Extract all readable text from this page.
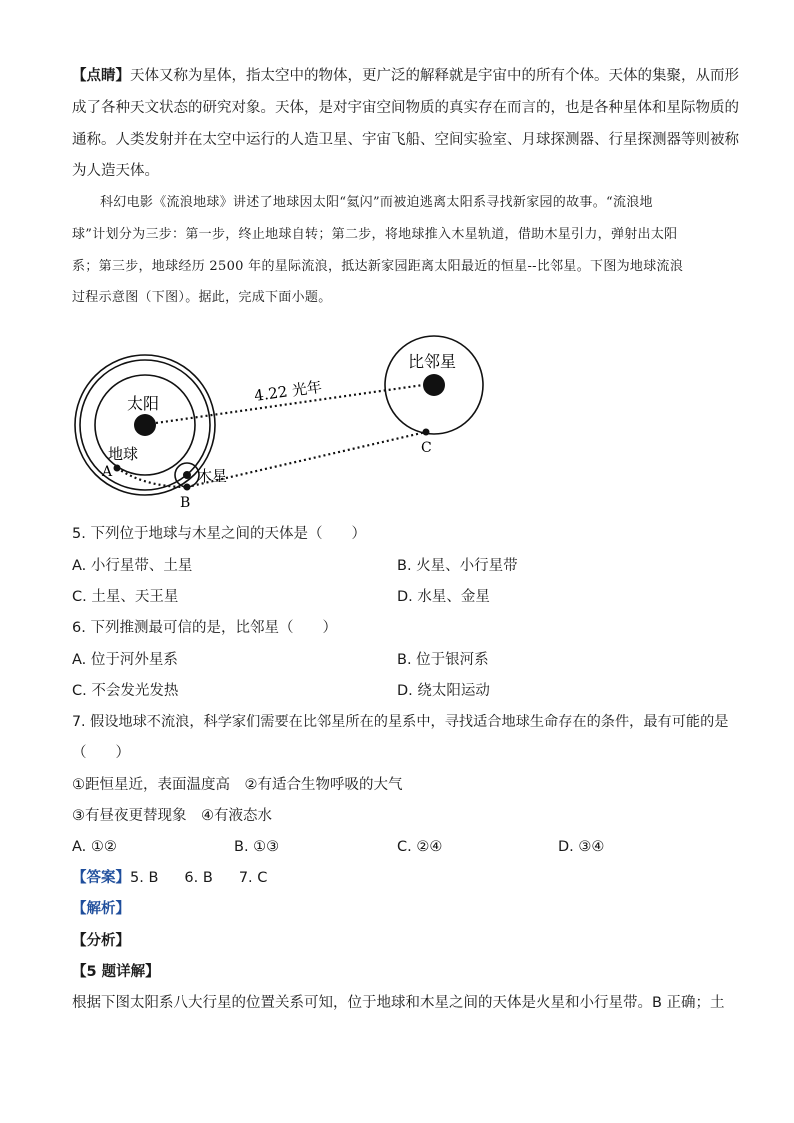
【点睛】天体又称为星体，指太空中的物体，更广泛的解释就是宇宙中的所有个体。天体的集聚，从而形
成了各种天文状态的研究对象。天体，是对宇宙空间物质的真实存在而言的，也是各种星体和星际物质的
通称。人类发射并在太空中运行的人造卫星、宇宙飞船、空间实验室、月球探测器、行星探测器等则被称
为人造天体。
科幻电影《流浪地球》讲述了地球因太阳“氦闪”而被迫逃离太阳系寻找新家园的故事。“流浪地
球”计划分为三步：第一步，终止地球自转；第二步，将地球推入木星轨道，借助木星引力，弹射出太阳
系；第三步，地球经历 2500 年的星际流浪，抵达新家园距离太阳最近的恒星--比邻星。下图为地球流浪
过程示意图（下图）。据此，完成下面小题。
太阳
木星
地球
A
B
比邻星
C
4.22 光年
5. 下列位于地球与木星之间的天体是（　　）
A. 小行星带、土星	B. 火星、小行星带
C. 土星、天王星	D. 水星、金星
6. 下列推测最可信的是，比邻星（　　）
A. 位于河外星系	B. 位于银河系
C. 不会发光发热	D. 绕太阳运动
7. 假设地球不流浪，科学家们需要在比邻星所在的星系中，寻找适合地球生命存在的条件，最有可能的是
（　　）
①距恒星近，表面温度高　②有适合生物呼吸的大气
③有昼夜更替现象　④有液态水
A. ①②	B. ①③	C. ②④	D. ③④
【答案】5. B 6. B 7. C
【解析】
【分析】
【5 题详解】
根据下图太阳系八大行星的位置关系可知，位于地球和木星之间的天体是火星和小行星带。B 正确；土
